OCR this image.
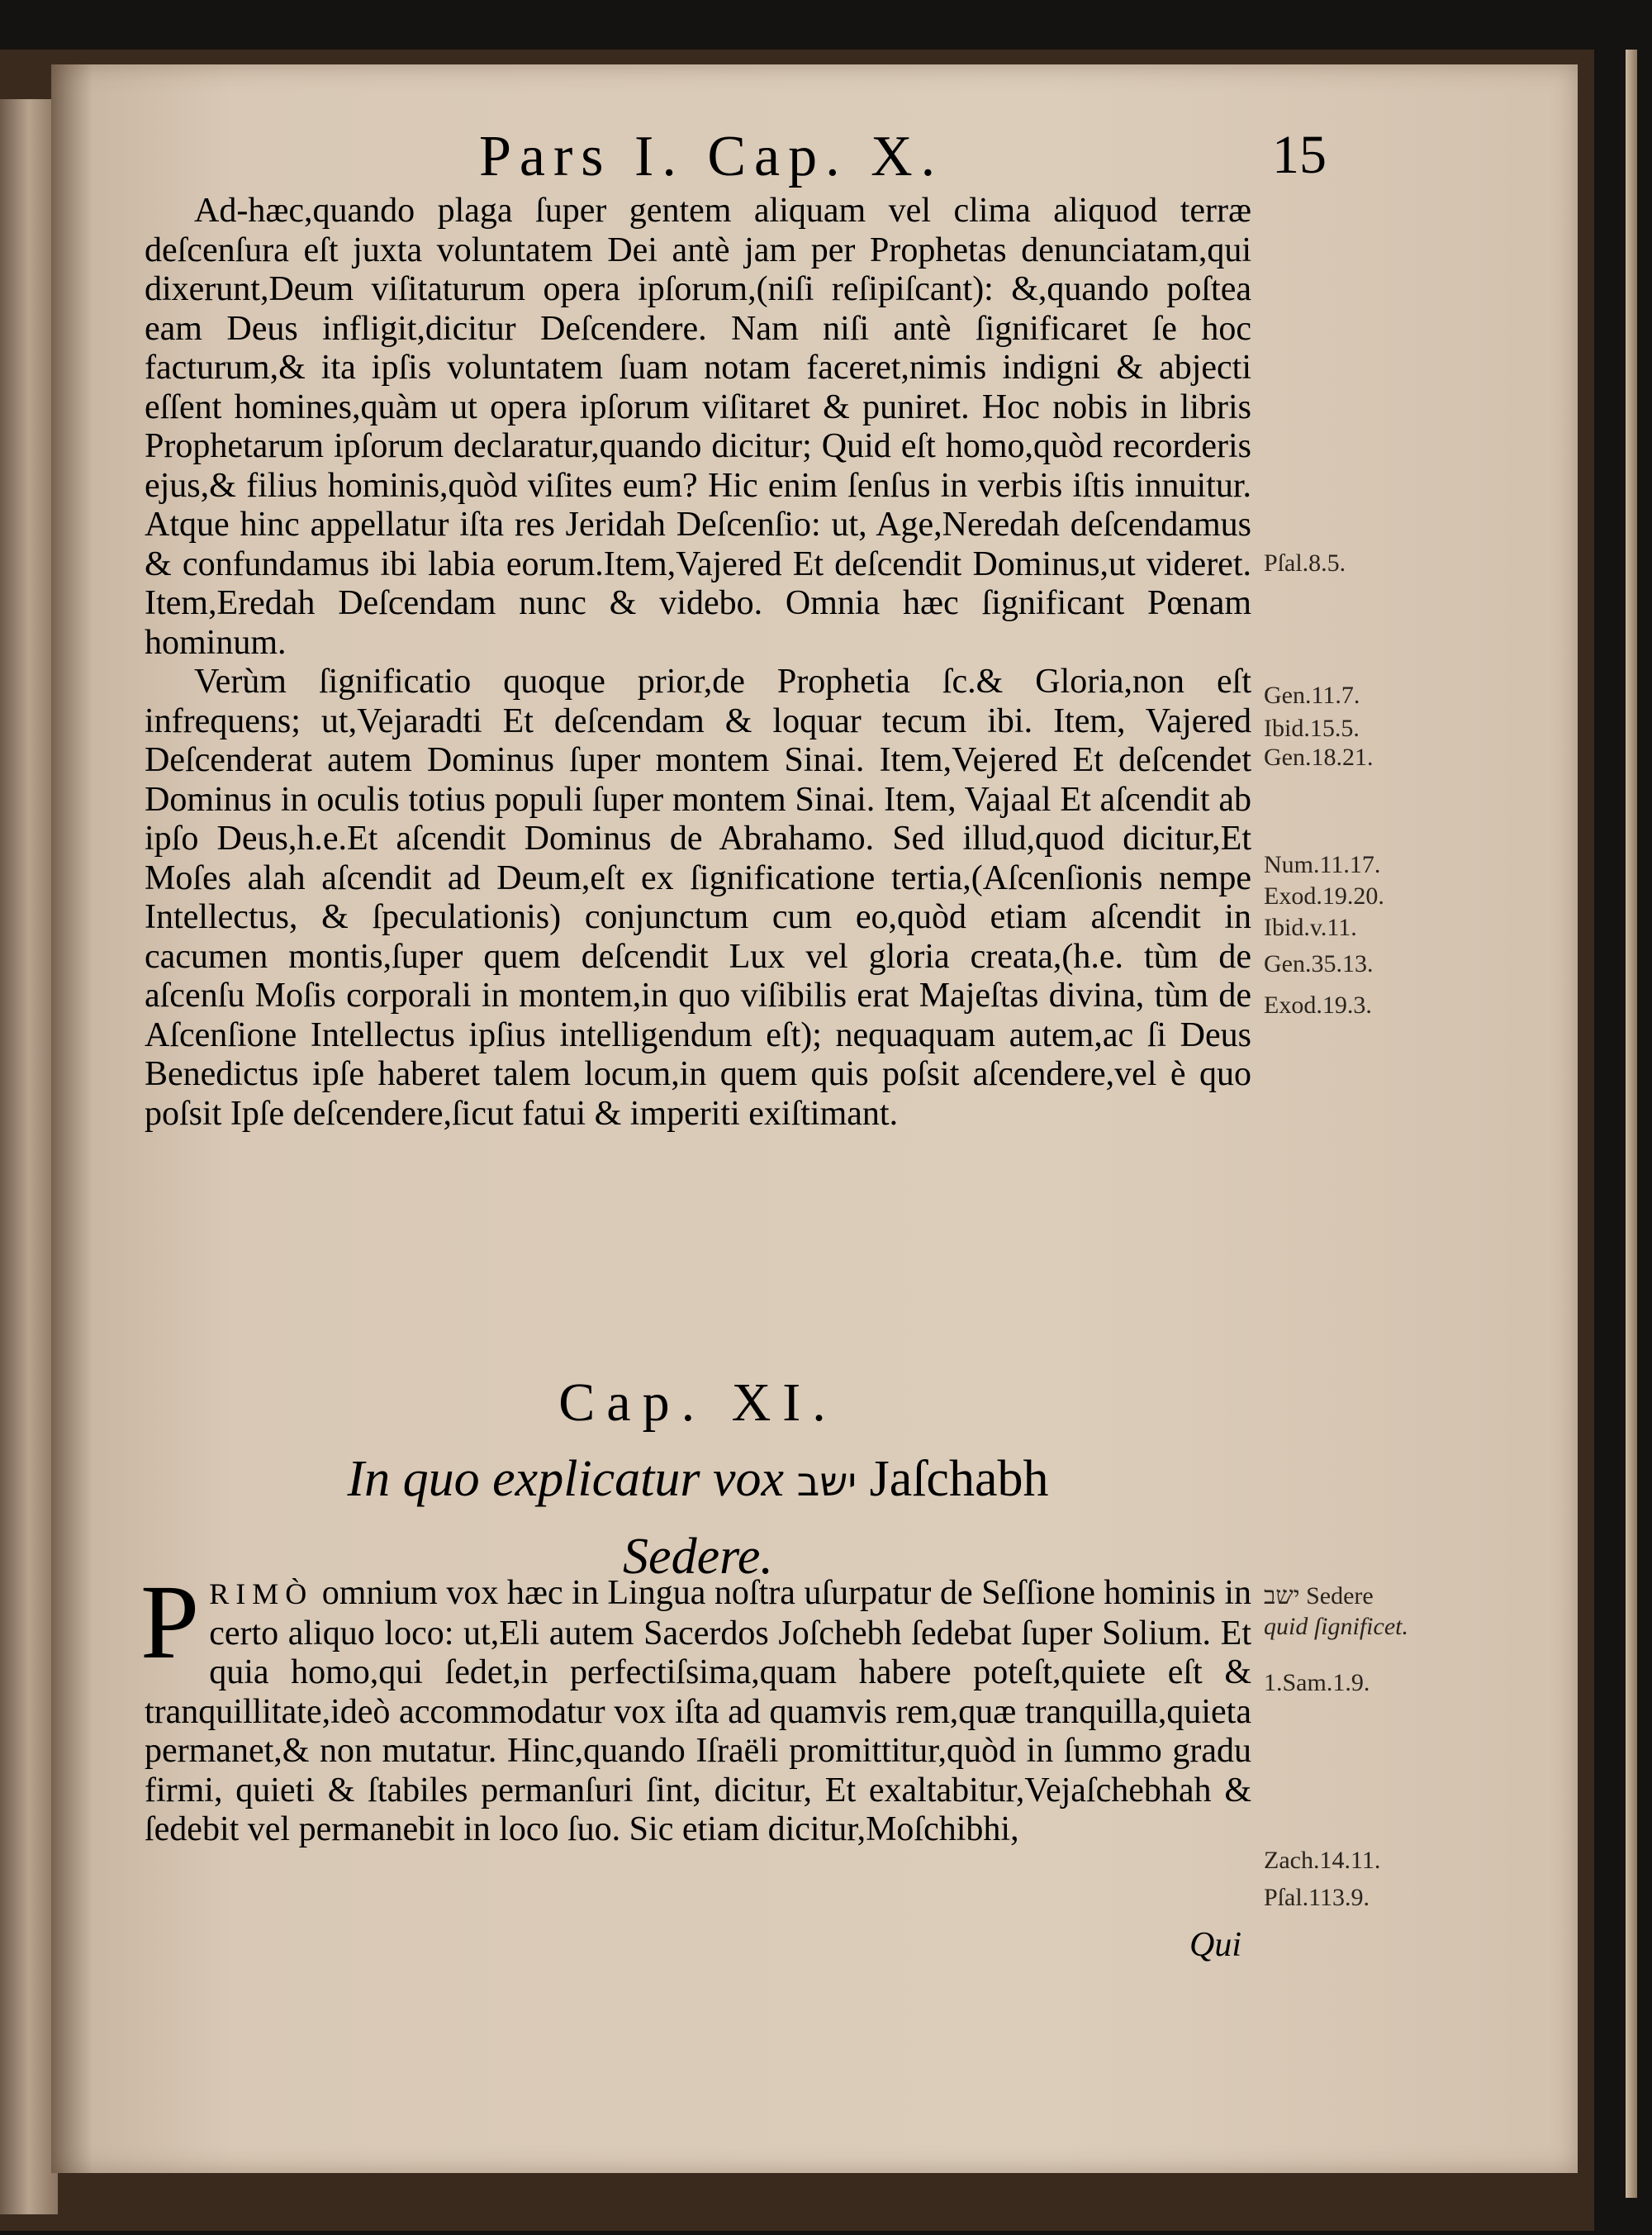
Pars I. Cap. X.	15

Ad-hæc,quando plaga ſuper gentem aliquam vel clima aliquod terræ deſcenſura eſt juxta voluntatem Dei antè jam per Prophetas denunciatam,qui dixerunt,Deum viſitaturum opera ipſorum,(niſi reſipiſcant): &,quando poſtea eam Deus infligit,dicitur Deſcendere. Nam niſi antè ſignificaret ſe hoc facturum,& ita ipſis voluntatem ſuam notam faceret,nimis indigni & abjecti eſſent homines,quàm ut opera ipſorum viſitaret & puniret. Hoc nobis in libris Prophetarum ipſorum declaratur,quando dicitur; Quid eſt homo,quòd recorderis ejus,& filius hominis,quòd viſites eum? Hic enim ſenſus in verbis iſtis innuitur. Atque hinc appellatur iſta res Jeridah Deſcenſio: ut, Age,Neredah deſcendamus & confundamus ibi labia eorum.Item,Vajered Et deſcendit Dominus,ut videret. Item,Eredah Deſcendam nunc & videbo. Omnia hæc ſignificant Pœnam hominum.

Verùm ſignificatio quoque prior,de Prophetia ſc.& Gloria,non eſt infrequens; ut,Vejaradti Et deſcendam & loquar tecum ibi. Item, Vajered Deſcenderat autem Dominus ſuper montem Sinai. Item,Vejered Et deſcendet Dominus in oculis totius populi ſuper montem Sinai. Item, Vajaal Et aſcendit ab ipſo Deus,h.e.Et aſcendit Dominus de Abrahamo. Sed illud,quod dicitur,Et Moſes alah aſcendit ad Deum,eſt ex ſignificatione tertia,(Aſcenſionis nempe Intellectus, & ſpeculationis) conjunctum cum eo,quòd etiam aſcendit in cacumen montis,ſuper quem deſcendit Lux vel gloria creata,(h.e. tùm de aſcenſu Moſis corporali in montem,in quo viſibilis erat Majeſtas divina, tùm de Aſcenſione Intellectus ipſius intelligendum eſt); nequaquam autem,ac ſi Deus Benedictus ipſe haberet talem locum,in quem quis poſsit aſcendere,vel è quo poſsit Ipſe deſcendere,ſicut fatui & imperiti exiſtimant.

Cap. XI.
In quo explicatur vox ישב Jaſchabh
Sedere.

P RIMÒ omnium vox hæc in Lingua noſtra uſurpatur de Seſſione hominis in certo aliquo loco: ut,Eli autem Sacerdos Joſchebh ſedebat ſuper Solium. Et quia homo,qui ſedet,in perfectiſsima,quam habere poteſt,quiete eſt & tranquillitate,ideò accommodatur vox iſta ad quamvis rem,quæ tranquilla,quieta permanet,& non mutatur. Hinc,quando Iſraëli promittitur,quòd in ſummo gradu firmi, quieti & ſtabiles permanſuri ſint, dicitur, Et exaltabitur,Vejaſchebhah & ſedebit vel permanebit in loco ſuo. Sic etiam dicitur,Moſchibhi,

Qui
Pſal.8.5.
Gen.11.7.
Ibid.15.5.
Gen.18.21.
Num.11.17.
Exod.19.20.
Ibid.v.11.
Gen.35.13.
Exod.19.3.
ישב Sedere
quid ſignificet.
1.Sam.1.9.
Zach.14.11.
Pſal.113.9.
